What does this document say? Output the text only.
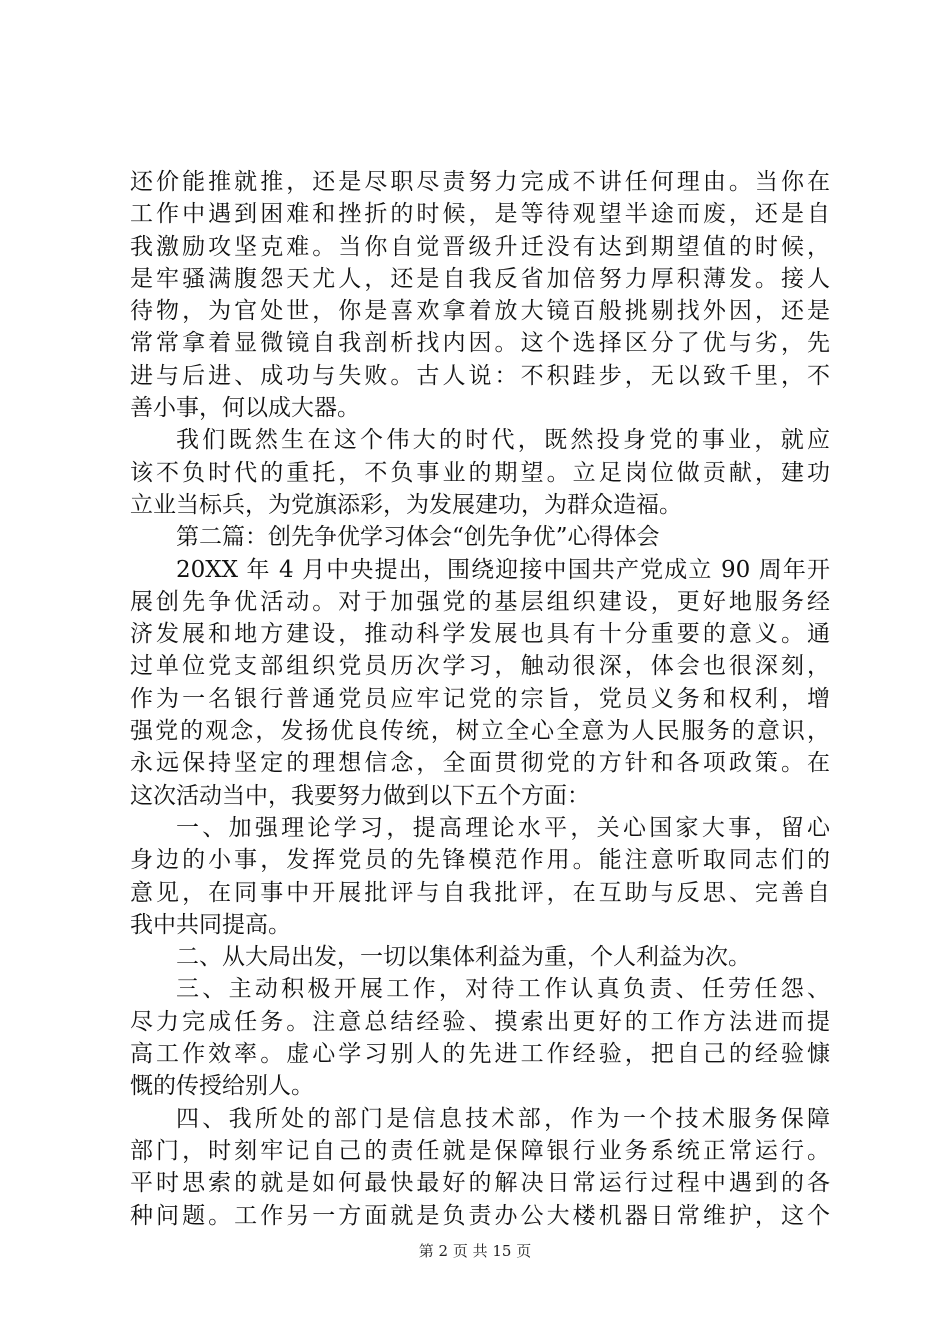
还价能推就推，还是尽职尽责努力完成不讲任何理由。当你在
工作中遇到困难和挫折的时候，是等待观望半途而废，还是自
我激励攻坚克难。当你自觉晋级升迁没有达到期望值的时候，
是牢骚满腹怨天尤人，还是自我反省加倍努力厚积薄发。接人
待物，为官处世，你是喜欢拿着放大镜百般挑剔找外因，还是
常常拿着显微镜自我剖析找内因。这个选择区分了优与劣，先
进与后进、成功与失败。古人说：不积跬步，无以致千里，不
善小事，何以成大器。
我们既然生在这个伟大的时代，既然投身党的事业，就应
该不负时代的重托，不负事业的期望。立足岗位做贡献，建功
立业当标兵，为党旗添彩，为发展建功，为群众造福。
第二篇：创先争优学习体会“创先争优”心得体会
20XX 年 4 月中央提出，围绕迎接中国共产党成立 90 周年开
展创先争优活动。对于加强党的基层组织建设，更好地服务经
济发展和地方建设，推动科学发展也具有十分重要的意义。通
过单位党支部组织党员历次学习，触动很深，体会也很深刻，
作为一名银行普通党员应牢记党的宗旨，党员义务和权利，增
强党的观念，发扬优良传统，树立全心全意为人民服务的意识，
永远保持坚定的理想信念，全面贯彻党的方针和各项政策。在
这次活动当中，我要努力做到以下五个方面：
一、加强理论学习，提高理论水平，关心国家大事，留心
身边的小事，发挥党员的先锋模范作用。能注意听取同志们的
意见，在同事中开展批评与自我批评，在互助与反思、完善自
我中共同提高。
二、从大局出发，一切以集体利益为重，个人利益为次。
三、主动积极开展工作，对待工作认真负责、任劳任怨、
尽力完成任务。注意总结经验、摸索出更好的工作方法进而提
高工作效率。虚心学习别人的先进工作经验，把自己的经验慷
慨的传授给别人。
四、我所处的部门是信息技术部，作为一个技术服务保障
部门，时刻牢记自己的责任就是保障银行业务系统正常运行。
平时思索的就是如何最快最好的解决日常运行过程中遇到的各
种问题。工作另一方面就是负责办公大楼机器日常维护，这个
第 2 页 共 15 页
